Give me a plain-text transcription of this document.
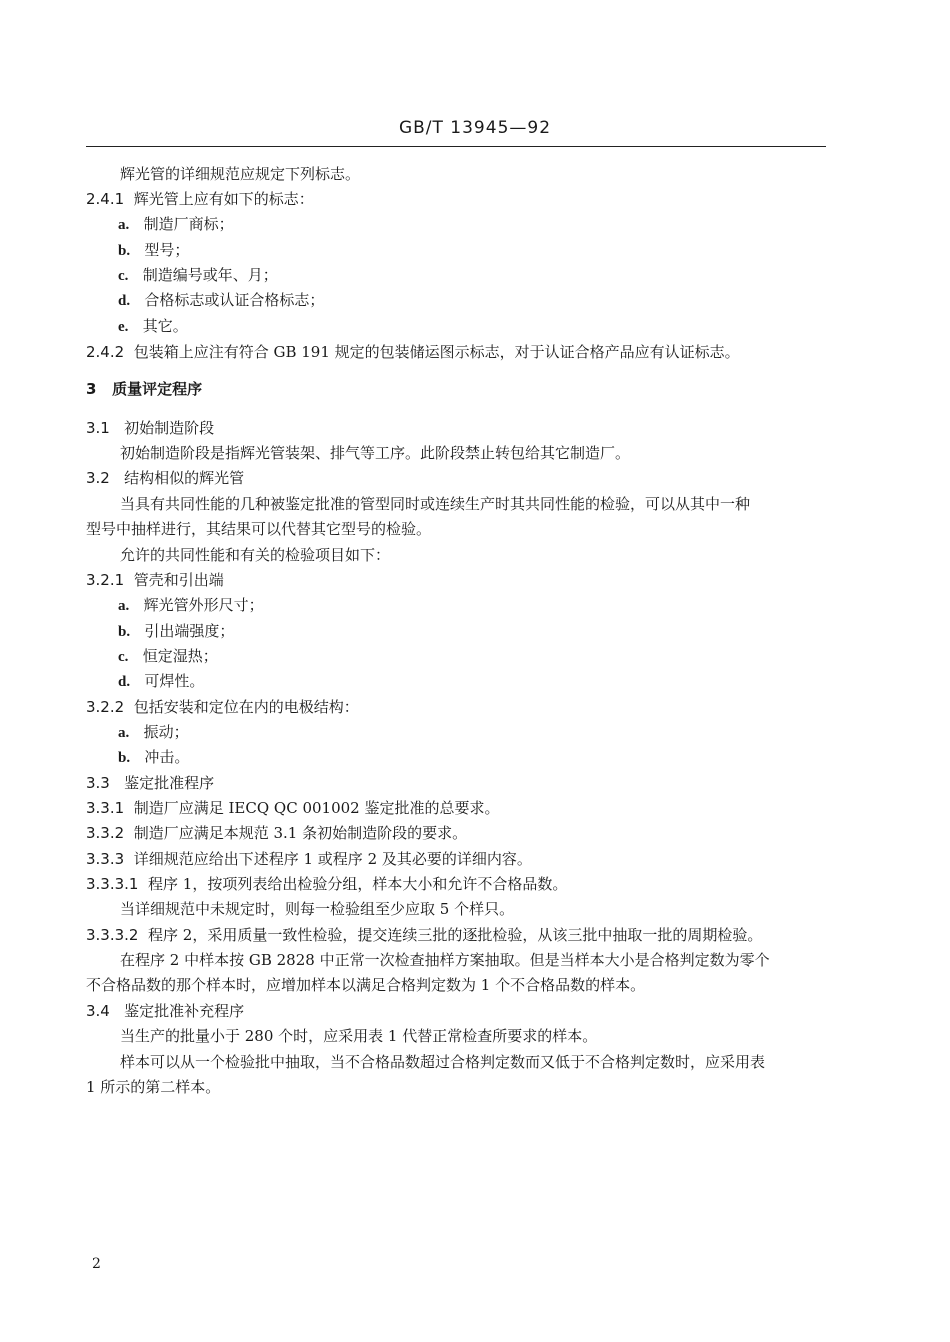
GB/T 13945—92
辉光管的详细规范应规定下列标志。
2.4.1 辉光管上应有如下的标志：
a. 制造厂商标；
b. 型号；
c. 制造编号或年、月；
d. 合格标志或认证合格标志；
e. 其它。
2.4.2 包装箱上应注有符合 GB 191 规定的包装储运图示标志，对于认证合格产品应有认证标志。
3 质量评定程序
3.1 初始制造阶段
初始制造阶段是指辉光管装架、排气等工序。此阶段禁止转包给其它制造厂。
3.2 结构相似的辉光管
当具有共同性能的几种被鉴定批准的管型同时或连续生产时其共同性能的检验，可以从其中一种
型号中抽样进行，其结果可以代替其它型号的检验。
允许的共同性能和有关的检验项目如下：
3.2.1 管壳和引出端
a. 辉光管外形尺寸；
b. 引出端强度；
c. 恒定湿热；
d. 可焊性。
3.2.2 包括安装和定位在内的电极结构：
a. 振动；
b. 冲击。
3.3 鉴定批准程序
3.3.1 制造厂应满足 IECQ QC 001002 鉴定批准的总要求。
3.3.2 制造厂应满足本规范 3.1 条初始制造阶段的要求。
3.3.3 详细规范应给出下述程序 1 或程序 2 及其必要的详细内容。
3.3.3.1 程序 1，按项列表给出检验分组，样本大小和允许不合格品数。
当详细规范中未规定时，则每一检验组至少应取 5 个样只。
3.3.3.2 程序 2，采用质量一致性检验，提交连续三批的逐批检验，从该三批中抽取一批的周期检验。
在程序 2 中样本按 GB 2828 中正常一次检查抽样方案抽取。但是当样本大小是合格判定数为零个
不合格品数的那个样本时，应增加样本以满足合格判定数为 1 个不合格品数的样本。
3.4 鉴定批准补充程序
当生产的批量小于 280 个时，应采用表 1 代替正常检查所要求的样本。
样本可以从一个检验批中抽取，当不合格品数超过合格判定数而又低于不合格判定数时，应采用表
1 所示的第二样本。
2
